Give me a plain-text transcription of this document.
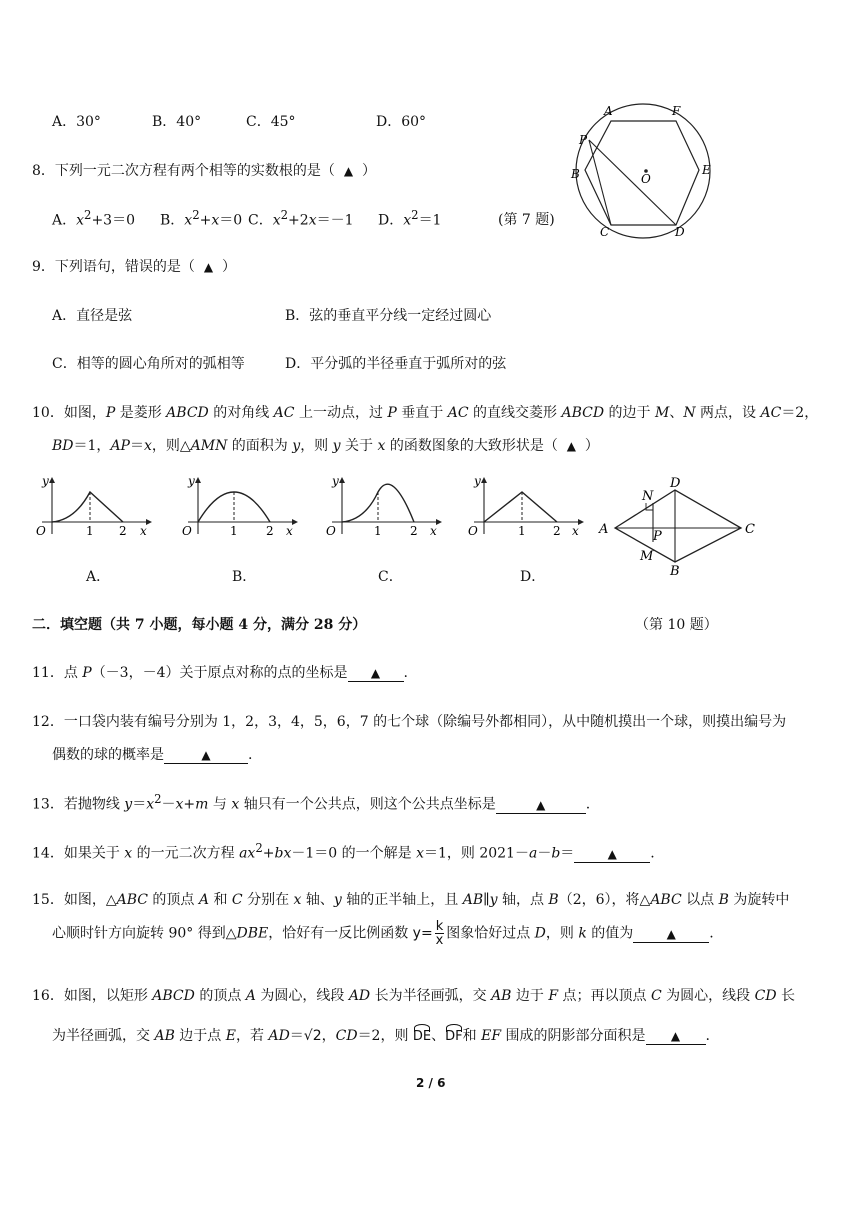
A．30°	B．40°	C．45°	D．60°
A	F
P
B	E
O
C	D
8．下列一元二次方程有两个相等的实数根的是（ ▲ ）
A．$x^2+3=0$ B．$x^2+x=0$ C．$x^2+2x=-1$ D．$x^2=1$	(第 7 题)
9．下列语句，错误的是（ ▲ ）
A．直径是弦	B．弦的垂直平分线一定经过圆心
C．相等的圆心角所对的弧相等	D．平分弧的半径垂直于弧所对的弦
10．如图，P 是菱形 ABCD 的对角线 AC 上一动点，过 P 垂直于 AC 的直线交菱形 ABCD 的边于 M、N 两点，设 AC＝2，
BD＝1，AP＝x，则△AMN 的面积为 y，则 y 关于 x 的函数图象的大致形状是（ ▲ ）
y
O	1 2 x
y
O	1 2 x
y
O	1 2 x
y
O	1 2 x
N
D
A	C
P
M
B
A．	B．	C．	D．
二．填空题（共 7 小题，每小题 4 分，满分 28 分）	（第 10 题）
11．点 P（－3，－4）关于原点对称的点的坐标是 ▲ .
12．一口袋内装有编号分别为 1，2，3，4，5，6，7 的七个球（除编号外都相同），从中随机摸出一个球，则摸出编号为
偶数的球的概率是	▲	.
13．若抛物线 $y=x^2-x+m$ 与 x 轴只有一个公共点，则这个公共点坐标是	▲	.
14．如果关于 x 的一元二次方程 $ax^2+bx-1=0$ 的一个解是 x＝1，则 2021－a－b＝	▲ .
15．如图，△ABC 的顶点 A 和 C 分别在 x 轴、y 轴的正半轴上，且 AB∥y 轴，点 B（2，6），将△ABC 以点 B 为旋转中
心顺时针方向旋转 90° 得到△DBE，恰好有一反比例函数 $y= \frac{k}{x}$ 图象恰好过点 D，则 k 的值为	▲ .
16．如图，以矩形 ABCD 的顶点 A 为圆心，线段 AD 长为半径画弧，交 AB 边于 F 点；再以顶点 C 为圆心，线段 CD 长
为半径画弧，交 AB 边于点 E，若 AD＝√2，CD＝2，则 DE、DF和 EF 围成的阴影部分面积是 ▲ .
2 / 6
